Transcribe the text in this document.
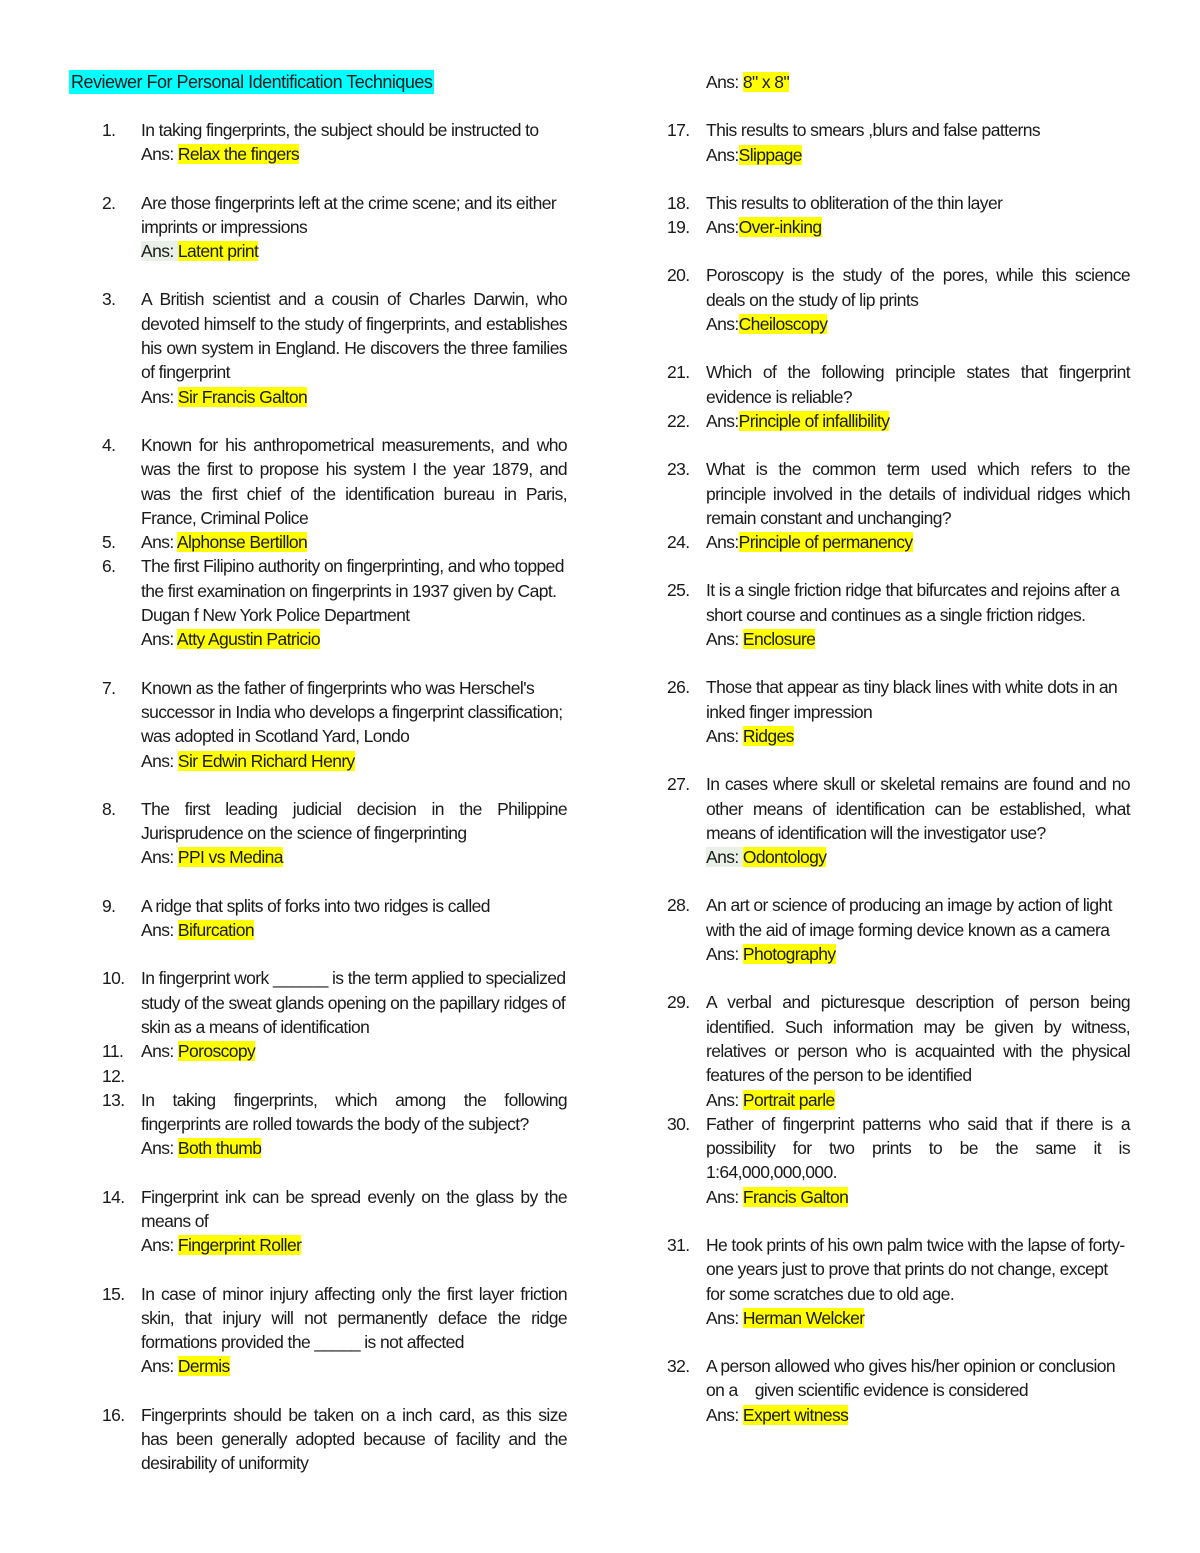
Reviewer For Personal Identification Techniques
1.	In taking fingerprints, the subject should be instructed to
Ans: Relax the fingers
2.	Are those fingerprints left at the crime scene; and its either imprints or impressions
Ans: Latent print
3.	A British scientist and a cousin of Charles Darwin, who devoted himself to the study of fingerprints, and establishes his own system in England. He discovers the three families of fingerprint
Ans: Sir Francis Galton
4.	Known for his anthropometrical measurements, and who was the first to propose his system I the year 1879, and was the first chief of the identification bureau in Paris, France, Criminal Police
5.	Ans: Alphonse Bertillon
6.	The first Filipino authority on fingerprinting, and who topped the first examination on fingerprints in 1937 given by Capt. Dugan f New York Police Department
Ans: Atty Agustin Patricio
7.	Known as the father of fingerprints who was Herschel's successor in India who develops a fingerprint classification; was adopted in Scotland Yard, Londo
Ans: Sir Edwin Richard Henry
8.	The first leading judicial decision in the Philippine Jurisprudence on the science of fingerprinting
Ans: PPI vs Medina
9.	A ridge that splits of forks into two ridges is called
Ans: Bifurcation
10. In fingerprint work ______ is the term applied to specialized study of the sweat glands opening on the papillary ridges of skin as a means of identification
11.	Ans: Poroscopy
12.
13. In taking fingerprints, which among the following fingerprints are rolled towards the body of the subject?
Ans: Both thumb
14. Fingerprint ink can be spread evenly on the glass by the means of
Ans: Fingerprint Roller
15. In case of minor injury affecting only the first layer friction skin, that injury will not permanently deface the ridge formations provided the _____ is not affected
Ans: Dermis
16. Fingerprints should be taken on a inch card, as this size has been generally adopted because of facility and the desirability of uniformity
Ans: 8" x 8"
17. This results to smears ,blurs and false patterns
Ans:Slippage
18. This results to obliteration of the thin layer
19. Ans:Over-inking
20. Poroscopy is the study of the pores, while this science deals on the study of lip prints
Ans:Cheiloscopy
21. Which of the following principle states that fingerprint evidence is reliable?
22. Ans:Principle of infallibility
23. What is the common term used which refers to the principle involved in the details of individual ridges which remain constant and unchanging?
24. Ans:Principle of permanency
25. It is a single friction ridge that bifurcates and rejoins after a short course and continues as a single friction ridges.
Ans: Enclosure
26. Those that appear as tiny black lines with white dots in an inked finger impression
Ans: Ridges
27. In cases where skull or skeletal remains are found and no other means of identification can be established, what means of identification will the investigator use?
Ans: Odontology
28. An art or science of producing an image by action of light with the aid of image forming device known as a camera
Ans: Photography
29. A verbal and picturesque description of person being identified. Such information may be given by witness, relatives or person who is acquainted with the physical features of the person to be identified
Ans: Portrait parle
30. Father of fingerprint patterns who said that if there is a possibility for two prints to be the same it is 1:64,000,000,000.
Ans: Francis Galton
31. He took prints of his own palm twice with the lapse of forty-one years just to prove that prints do not change, except for some scratches due to old age.
Ans: Herman Welcker
32. A person allowed who gives his/her opinion or conclusion on a    given scientific evidence is considered
Ans: Expert witness
